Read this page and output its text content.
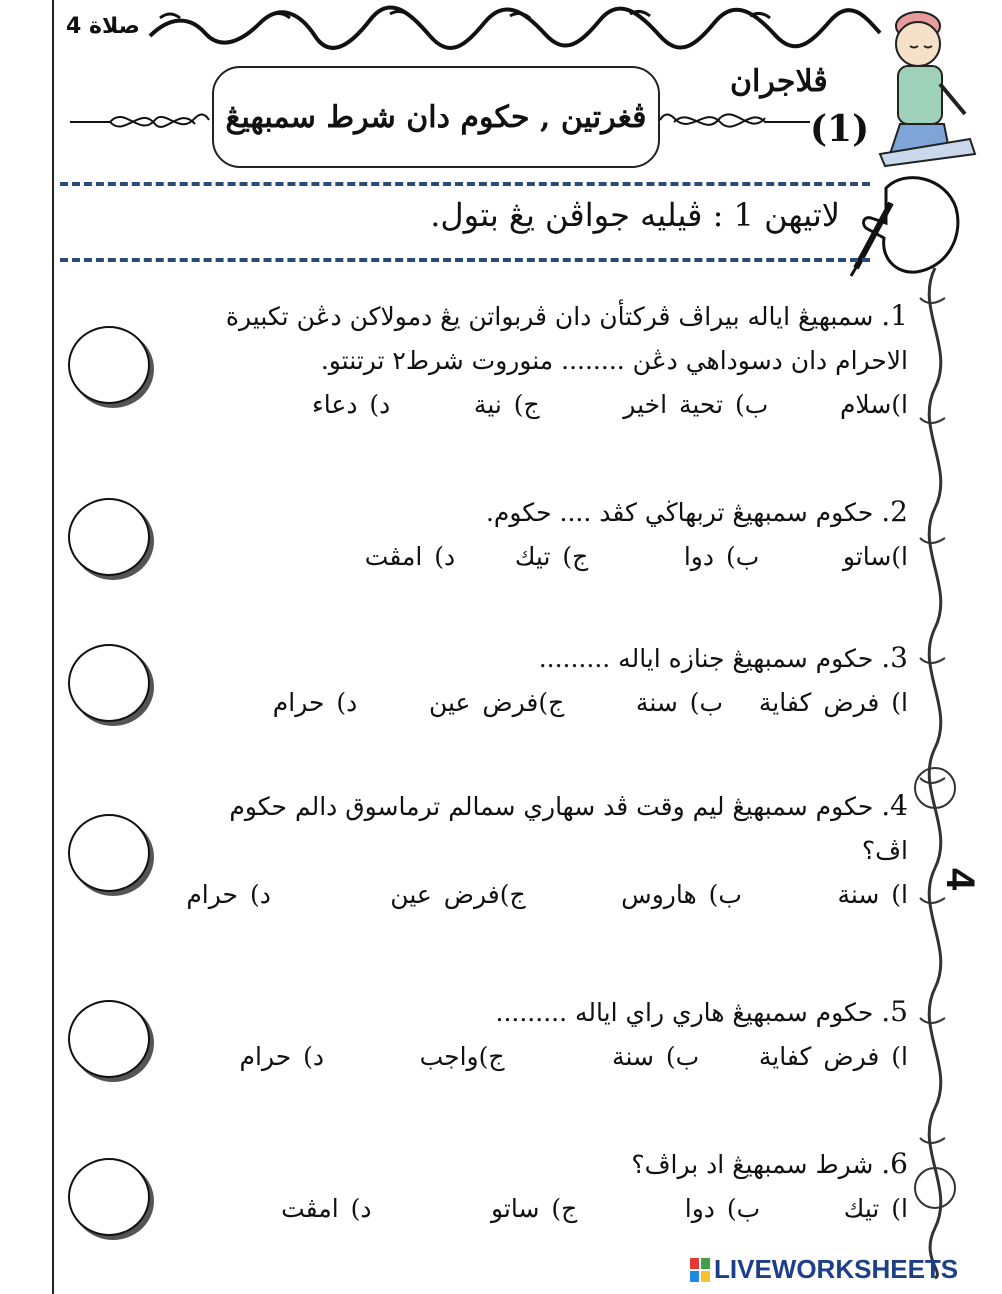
صلاة 4
ڤغرتين , حكوم دان شرط سمبهيڠ
ڤلاجران
(1)
لاتيهن 1 : ڤيليه جواڤن يڠ بتول.
4
1. سمبهيڠ اياله بيراڤ ڤركتأن دان ڤربواتن يڠ دمولاكن دڠن تكبيرة الاحرام دان دسوداهي دڠن ........ منوروت شرط٢ ترتنتو.
ا)سلام      ب) تحية اخير       ج) نية       د) دعاء
2. حكوم سمبهيڠ تربهاڬي كڤد .... حكوم.
ا)ساتو       ب) دوا        ج) تيك     د) امڤت
3. حكوم سمبهيڠ جنازه اياله .........
ا) فرض كفاية   ب) سنة      ج)فرض عين      د) حرام
4. حكوم سمبهيڠ ليم وقت ڤد سهاري سمالم ترماسوق دالم حكوم اڤ؟
ا) سنة        ب) هاروس        ج)فرض عين          د) حرام
5. حكوم سمبهيڠ هاري راي اياله .........
ا) فرض كفاية     ب) سنة         ج)واجب        د) حرام
6. شرط سمبهيڠ اد براڤ؟
ا) تيك       ب) دوا         ج) ساتو          د) امڤت
LIVEWORKSHEETS
